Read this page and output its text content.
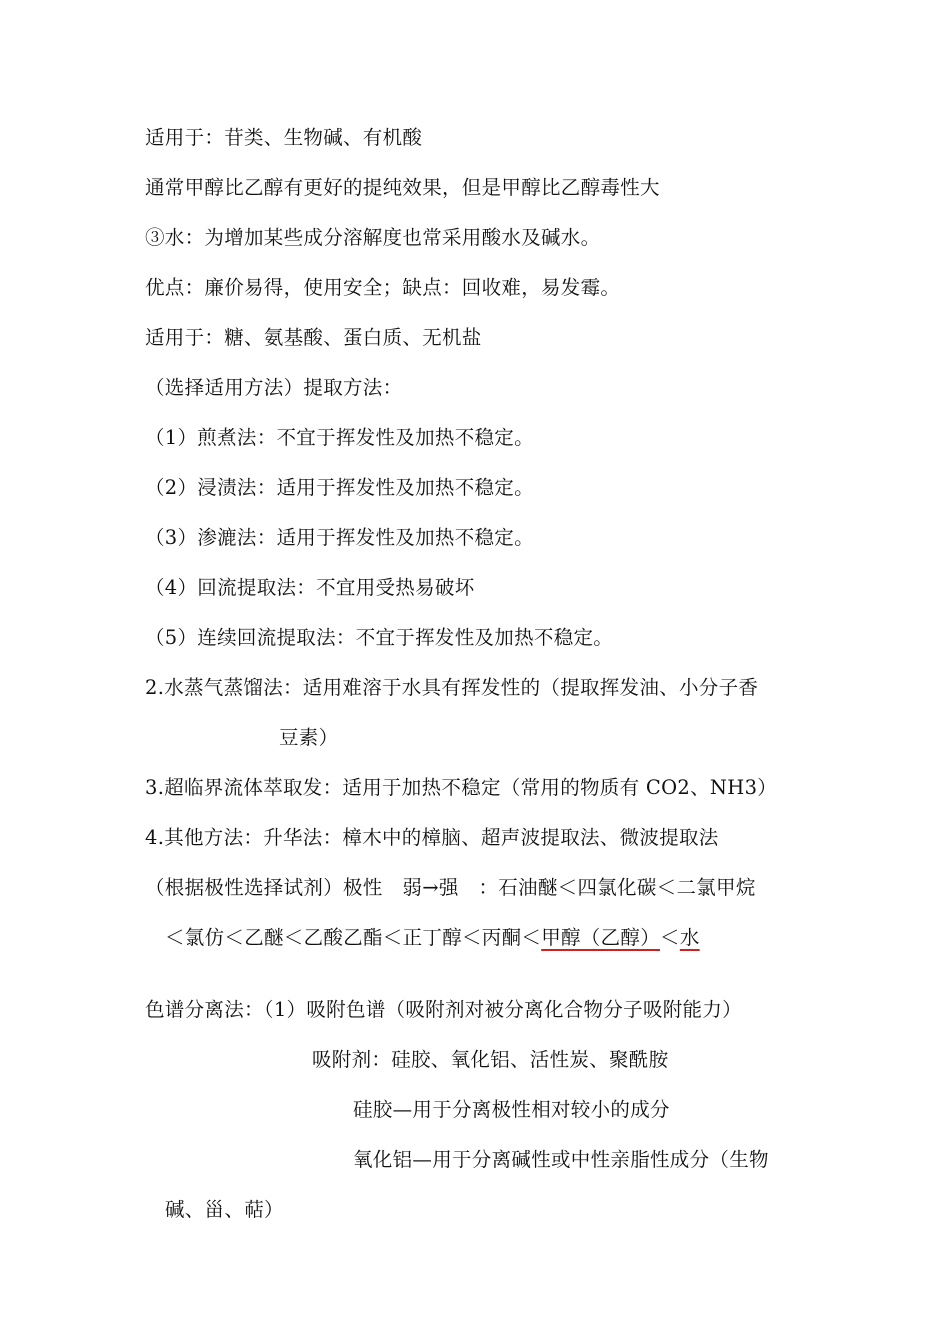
适用于：苷类、生物碱、有机酸
通常甲醇比乙醇有更好的提纯效果，但是甲醇比乙醇毒性大
③水：为增加某些成分溶解度也常采用酸水及碱水。
优点：廉价易得，使用安全；缺点：回收难，易发霉。
适用于：糖、氨基酸、蛋白质、无机盐
（选择适用方法）提取方法：
（1）煎煮法：不宜于挥发性及加热不稳定。
（2）浸渍法：适用于挥发性及加热不稳定。
（3）渗漉法：适用于挥发性及加热不稳定。
（4）回流提取法：不宜用受热易破坏
（5）连续回流提取法：不宜于挥发性及加热不稳定。
2.水蒸气蒸馏法：适用难溶于水具有挥发性的（提取挥发油、小分子香
豆素）
3.超临界流体萃取发：适用于加热不稳定（常用的物质有 CO2、NH3）
4.其他方法：升华法：樟木中的樟脑、超声波提取法、微波提取法
（根据极性选择试剂）极性　弱→强　：石油醚＜四氯化碳＜二氯甲烷
＜氯仿＜乙醚＜乙酸乙酯＜正丁醇＜丙酮＜甲醇（乙醇）＜水
色谱分离法：（1）吸附色谱（吸附剂对被分离化合物分子吸附能力）
吸附剂：硅胶、氧化铝、活性炭、聚酰胺
硅胶—用于分离极性相对较小的成分
氧化铝—用于分离碱性或中性亲脂性成分（生物
碱、甾、萜）
